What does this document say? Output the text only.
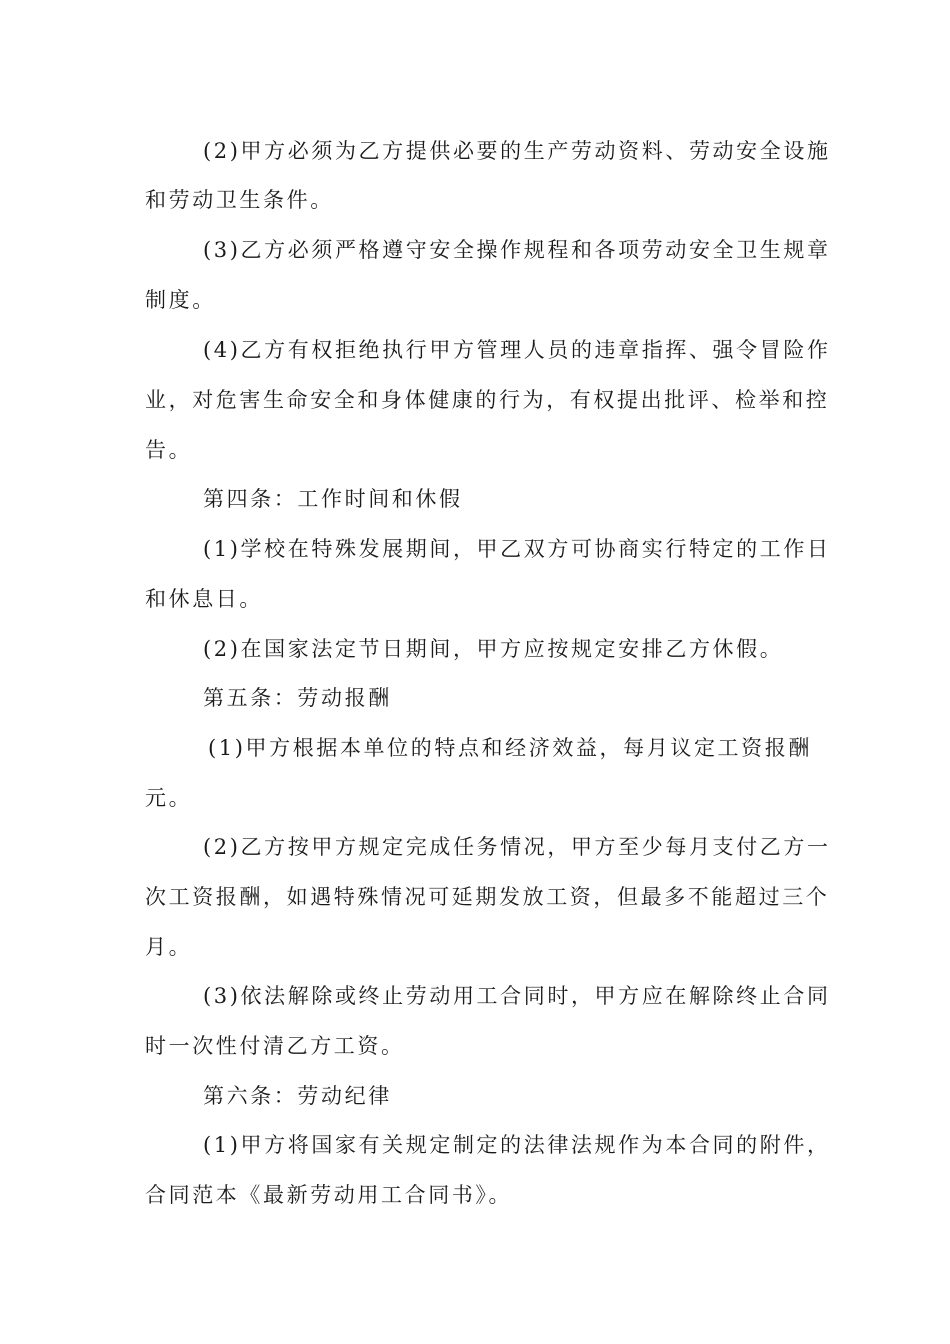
(2)甲方必须为乙方提供必要的生产劳动资料、劳动安全设施
和劳动卫生条件。
(3)乙方必须严格遵守安全操作规程和各项劳动安全卫生规章
制度。
(4)乙方有权拒绝执行甲方管理人员的违章指挥、强令冒险作
业，对危害生命安全和身体健康的行为，有权提出批评、检举和控
告。
第四条：工作时间和休假
(1)学校在特殊发展期间，甲乙双方可协商实行特定的工作日
和休息日。
(2)在国家法定节日期间，甲方应按规定安排乙方休假。
第五条：劳动报酬
(1)甲方根据本单位的特点和经济效益，每月议定工资报酬
元。
(2)乙方按甲方规定完成任务情况，甲方至少每月支付乙方一
次工资报酬，如遇特殊情况可延期发放工资，但最多不能超过三个
月。
(3)依法解除或终止劳动用工合同时，甲方应在解除终止合同
时一次性付清乙方工资。
第六条：劳动纪律
(1)甲方将国家有关规定制定的法律法规作为本合同的附件，
合同范本《最新劳动用工合同书》。
